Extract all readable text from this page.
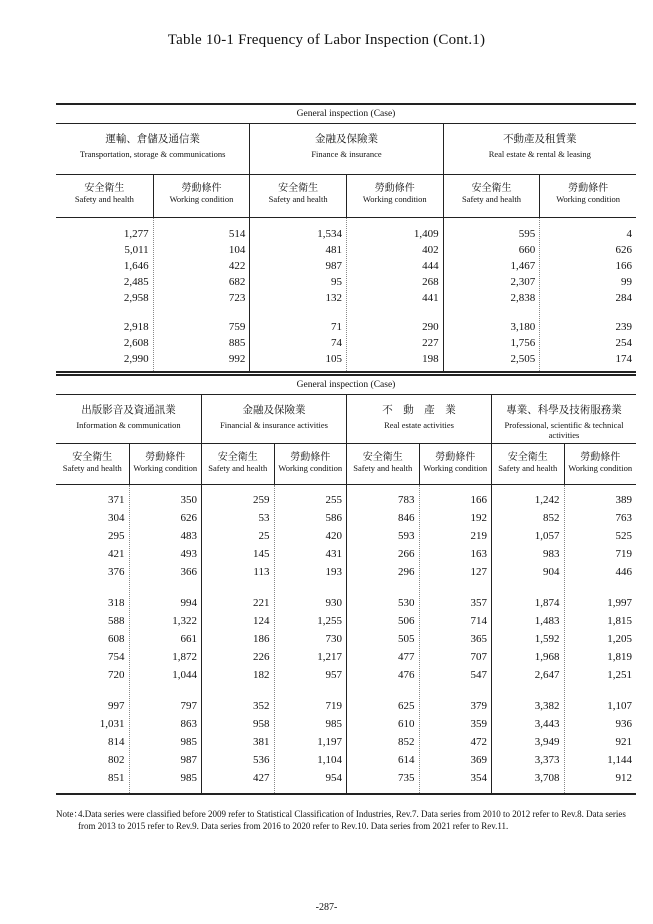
Table 10-1 Frequency of Labor Inspection (Cont.1)
General inspection (Case)
運輸、倉儲及通信業
Transportation, storage & communications
金融及保險業
Finance & insurance
不動產及租賃業
Real estate & rental & leasing
安全衛生
Safety and health
勞動條件
Working condition
安全衛生
Safety and health
勞動條件
Working condition
安全衛生
Safety and health
勞動條件
Working condition
1,277	514	1,534	1,409	595	4
5,011	104	481	402	660	626
1,646	422	987	444	1,467	166
2,485	682	95	268	2,307	99
2,958	723	132	441	2,838	284
2,918	759	71	290	3,180	239
2,608	885	74	227	1,756	254
2,990	992	105	198	2,505	174
General inspection (Case)
出版影音及資通訊業
Information & communication
金融及保險業
Financial & insurance activities
不　動　產　業
Real estate activities
專業、科學及技術服務業
Professional, scientific & technical activities
安全衛生
Safety and health
勞動條件
Working condition
安全衛生
Safety and health
勞動條件
Working condition
安全衛生
Safety and health
勞動條件
Working condition
安全衛生
Safety and health
勞動條件
Working condition
371	350	259	255	783	166	1,242	389
304	626	53	586	846	192	852	763
295	483	25	420	593	219	1,057	525
421	493	145	431	266	163	983	719
376	366	113	193	296	127	904	446
318	994	221	930	530	357	1,874	1,997
588	1,322	124	1,255	506	714	1,483	1,815
608	661	186	730	505	365	1,592	1,205
754	1,872	226	1,217	477	707	1,968	1,819
720	1,044	182	957	476	547	2,647	1,251
997	797	352	719	625	379	3,382	1,107
1,031	863	958	985	610	359	3,443	936
814	985	381	1,197	852	472	3,949	921
802	987	536	1,104	614	369	3,373	1,144
851	985	427	954	735	354	3,708	912
Note：
4.Data series were classified before 2009 refer to Statistical Classification of Industries, Rev.7. Data series from 2010 to 2012 refer to Rev.8. Data series from 2013 to 2015 refer to Rev.9. Data series from 2016 to 2020 refer to Rev.10. Data series from 2021 refer to Rev.11.
-287-
